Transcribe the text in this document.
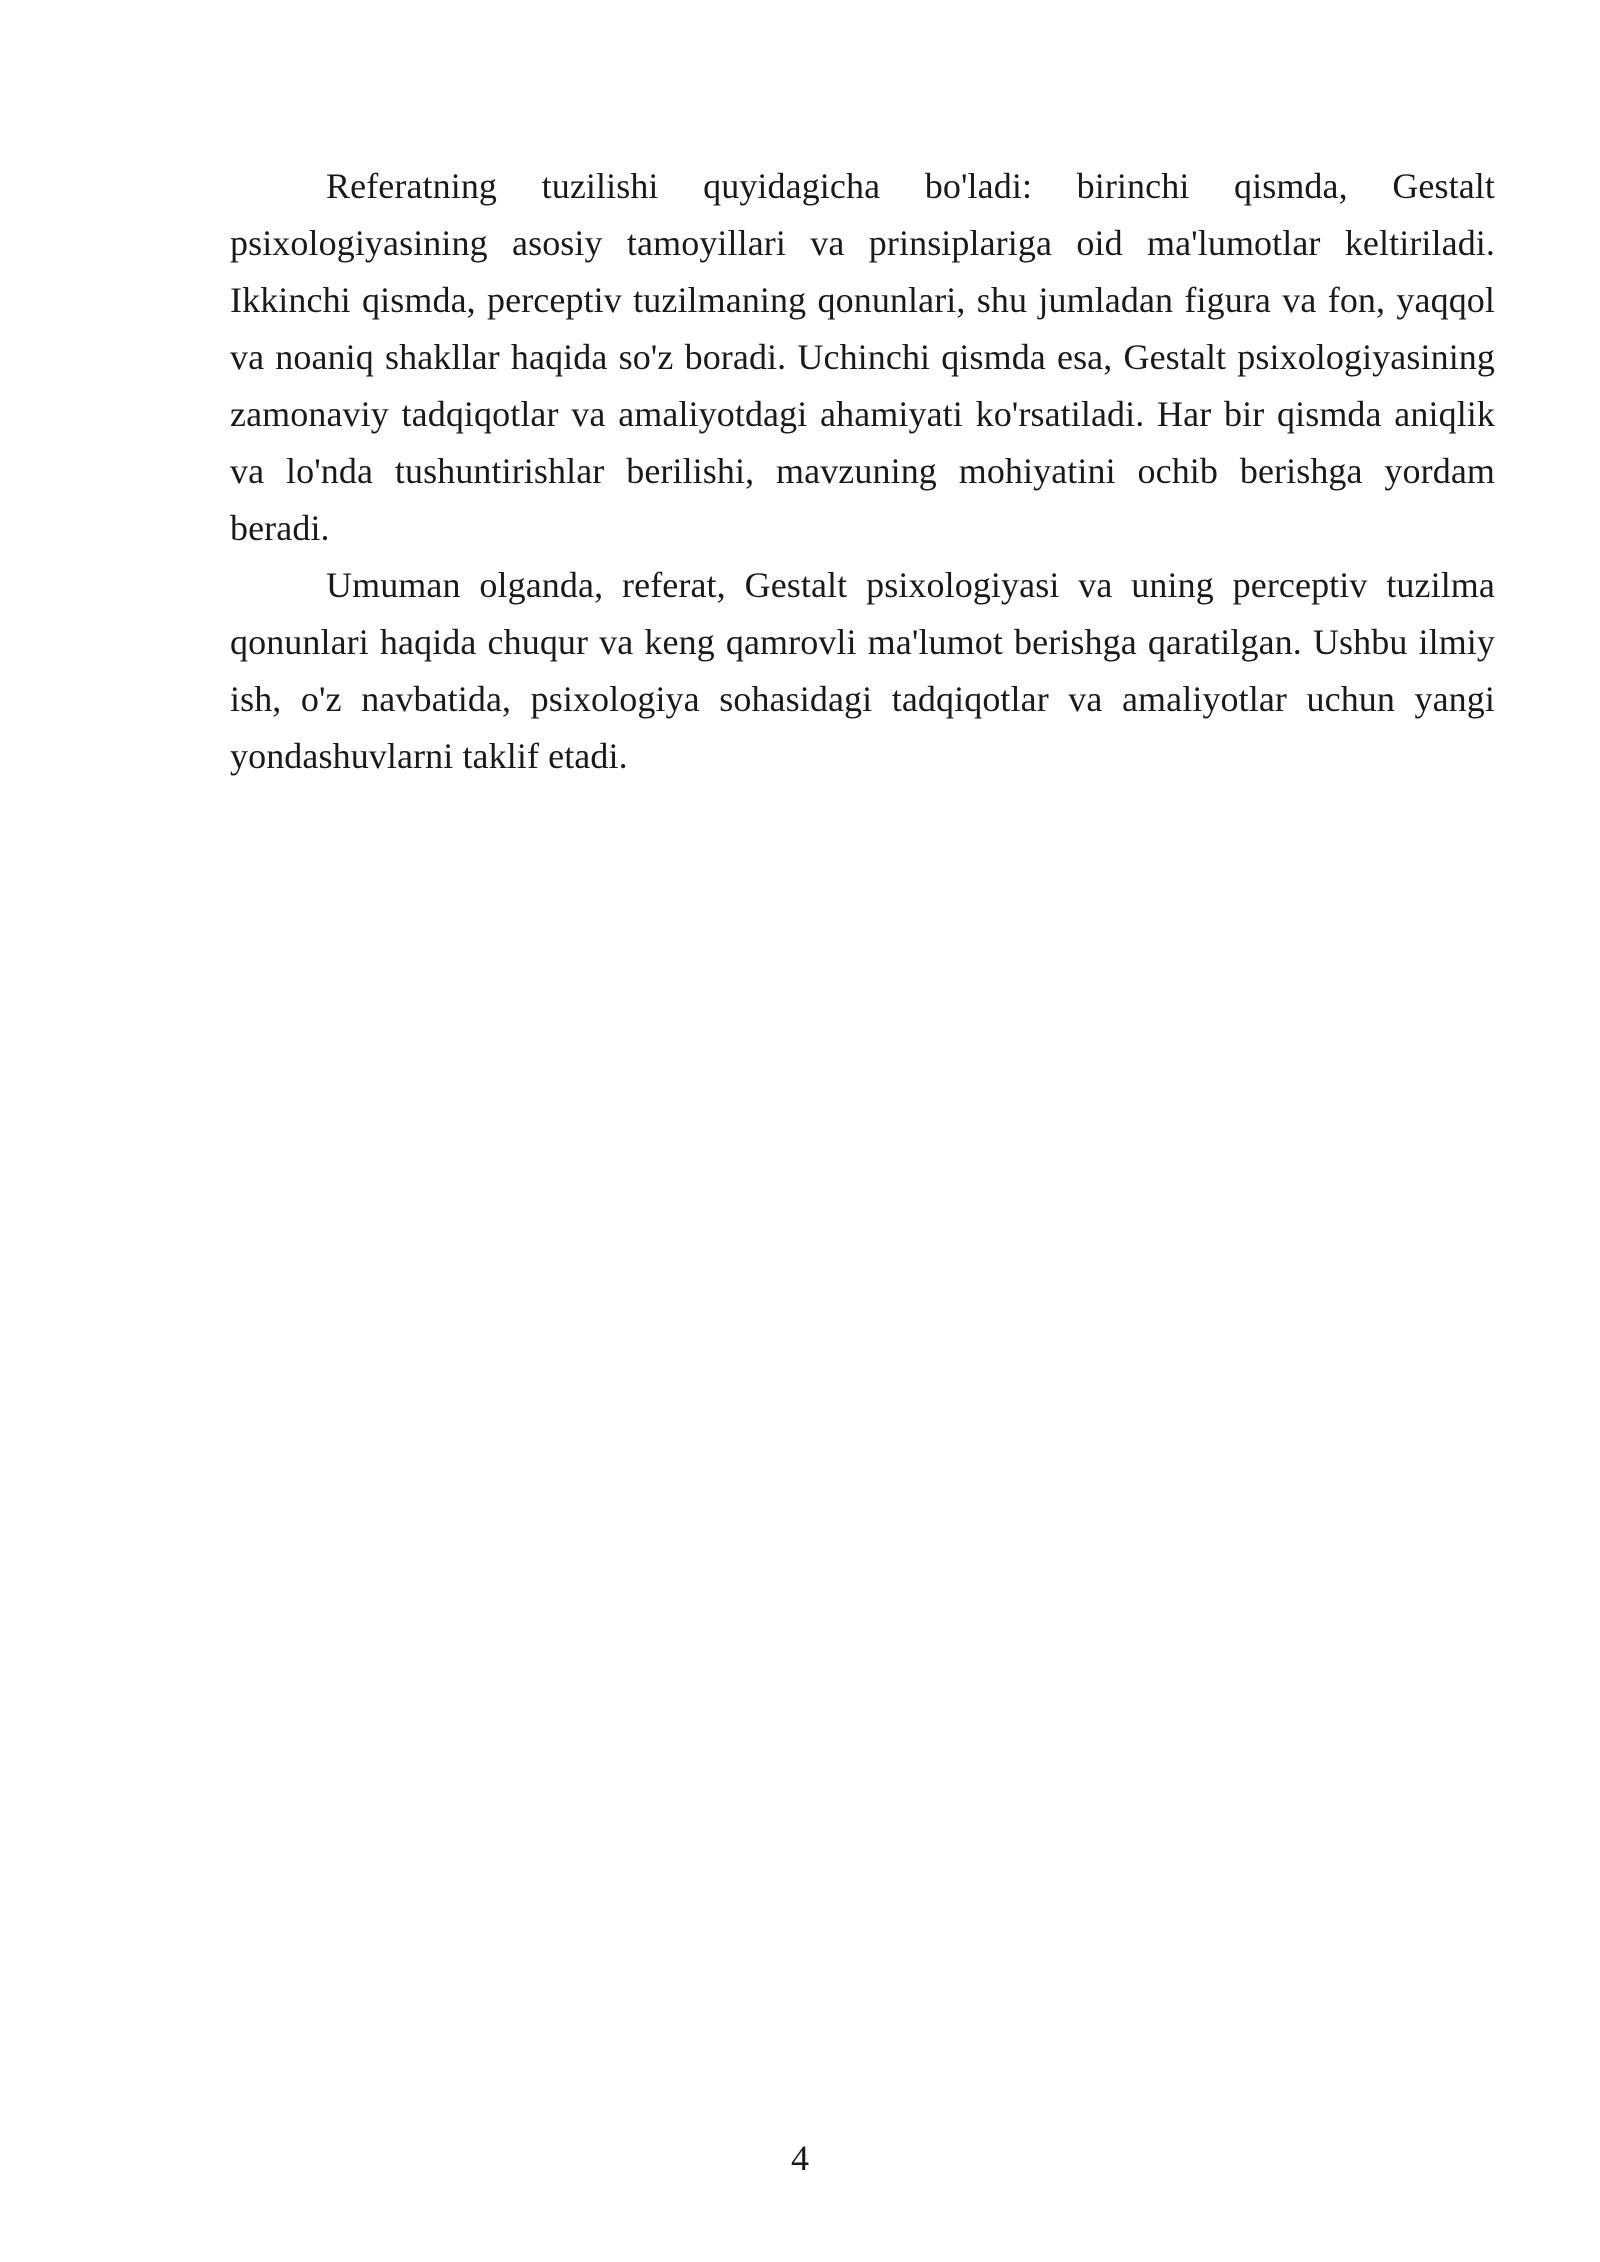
Referatning tuzilishi quyidagicha bo'ladi: birinchi qismda, Gestalt psixologiyasining asosiy tamoyillari va prinsiplariga oid ma'lumotlar keltiriladi. Ikkinchi qismda, perceptiv tuzilmaning qonunlari, shu jumladan figura va fon, yaqqol va noaniq shakllar haqida so'z boradi. Uchinchi qismda esa, Gestalt psixologiyasining zamonaviy tadqiqotlar va amaliyotdagi ahamiyati ko'rsatiladi. Har bir qismda aniqlik va lo'nda tushuntirishlar berilishi, mavzuning mohiyatini ochib berishga yordam beradi.

Umuman olganda, referat, Gestalt psixologiyasi va uning perceptiv tuzilma qonunlari haqida chuqur va keng qamrovli ma'lumot berishga qaratilgan. Ushbu ilmiy ish, o'z navbatida, psixologiya sohasidagi tadqiqotlar va amaliyotlar uchun yangi yondashuvlarni taklif etadi.

4
